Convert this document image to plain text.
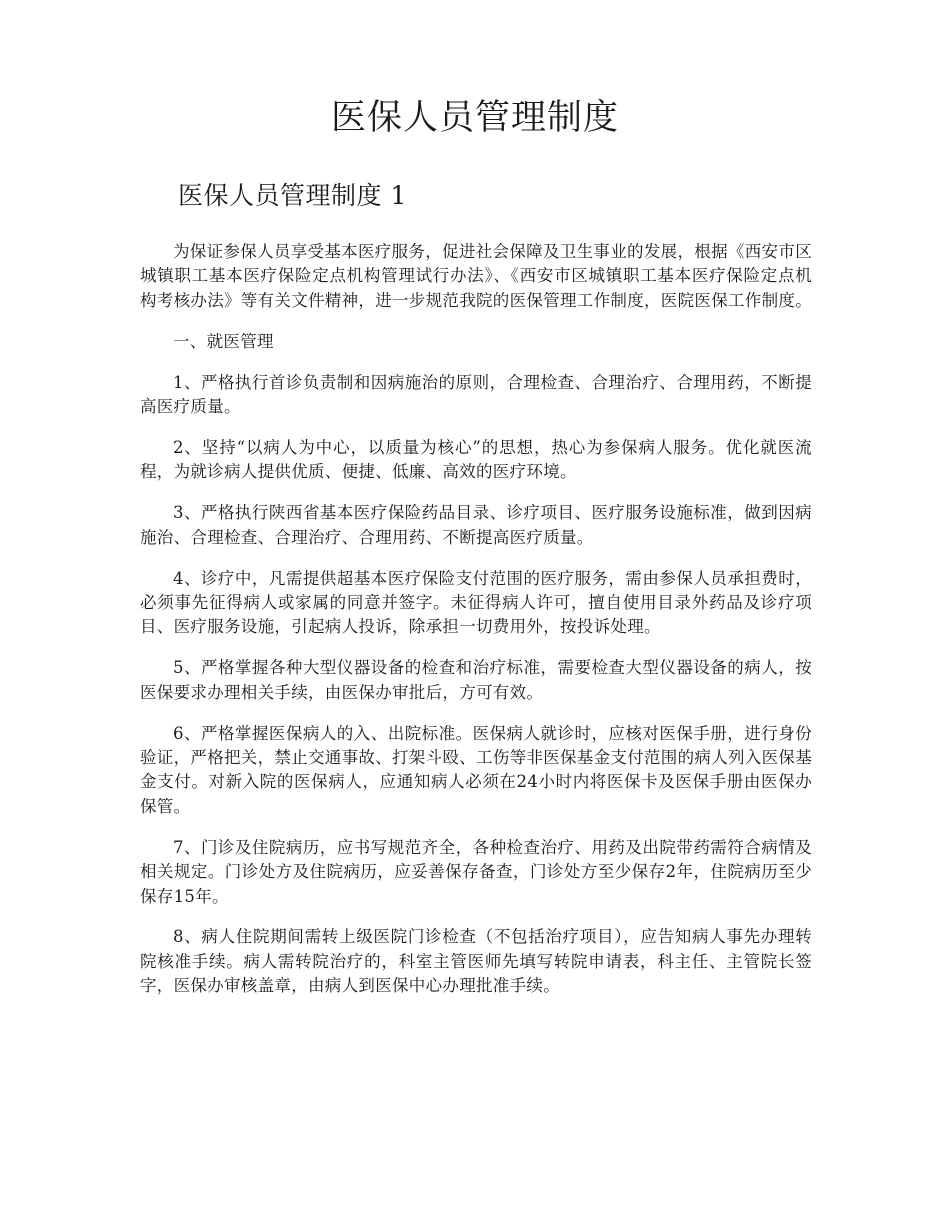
医保人员管理制度
医保人员管理制度 1

为保证参保人员享受基本医疗服务，促进社会保障及卫生事业的发展，根据《西安市区城镇职工基本医疗保险定点机构管理试行办法》、《西安市区城镇职工基本医疗保险定点机构考核办法》等有关文件精神，进一步规范我院的医保管理工作制度，医院医保工作制度。

一、就医管理

1、严格执行首诊负责制和因病施治的原则，合理检查、合理治疗、合理用药，不断提高医疗质量。

2、坚持“以病人为中心，以质量为核心”的思想，热心为参保病人服务。优化就医流程，为就诊病人提供优质、便捷、低廉、高效的医疗环境。

3、严格执行陕西省基本医疗保险药品目录、诊疗项目、医疗服务设施标准，做到因病施治、合理检查、合理治疗、合理用药、不断提高医疗质量。

4、诊疗中，凡需提供超基本医疗保险支付范围的医疗服务，需由参保人员承担费时，必须事先征得病人或家属的同意并签字。未征得病人许可，擅自使用目录外药品及诊疗项目、医疗服务设施，引起病人投诉，除承担一切费用外，按投诉处理。

5、严格掌握各种大型仪器设备的检查和治疗标准，需要检查大型仪器设备的病人，按医保要求办理相关手续，由医保办审批后，方可有效。

6、严格掌握医保病人的入、出院标准。医保病人就诊时，应核对医保手册，进行身份验证，严格把关，禁止交通事故、打架斗殴、工伤等非医保基金支付范围的病人列入医保基金支付。对新入院的医保病人，应通知病人必须在24小时内将医保卡及医保手册由医保办保管。

7、门诊及住院病历，应书写规范齐全，各种检查治疗、用药及出院带药需符合病情及相关规定。门诊处方及住院病历，应妥善保存备查，门诊处方至少保存2年，住院病历至少保存15年。

8、病人住院期间需转上级医院门诊检查（不包括治疗项目），应告知病人事先办理转院核准手续。病人需转院治疗的，科室主管医师先填写转院申请表，科主任、主管院长签字，医保办审核盖章，由病人到医保中心办理批准手续。
